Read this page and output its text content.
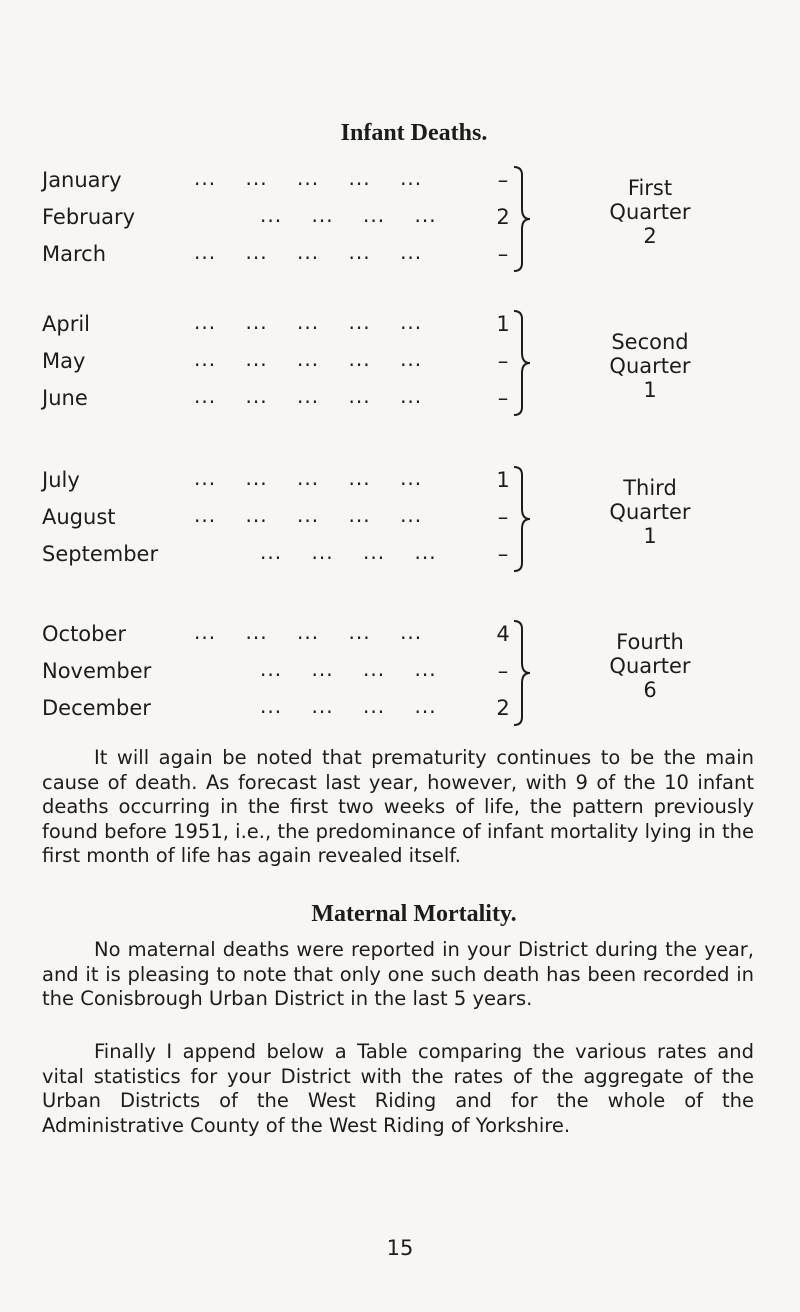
Infant Deaths.
January	... ... ... ... ...	–
February	... ... ... ...	2
March	... ... ... ... ...	–
First
Quarter
2
April	... ... ... ... ...	1
May	... ... ... ... ...	–
June	... ... ... ... ...	–
Second
Quarter
1
July	... ... ... ... ...	1
August	... ... ... ... ...	–
September	... ... ... ...	–
Third
Quarter
1
October	... ... ... ... ...	4
November	... ... ... ...	–
December	... ... ... ...	2
Fourth
Quarter
6

It will again be noted that prematurity continues to be the main cause of death. As forecast last year, however, with 9 of the 10 infant deaths occurring in the first two weeks of life, the pattern previously found before 1951, i.e., the predominance of infant mortality lying in the first month of life has again revealed itself.

Maternal Mortality.

No maternal deaths were reported in your District during the year, and it is pleasing to note that only one such death has been recorded in the Conisbrough Urban District in the last 5 years.

15

Finally I append below a Table comparing the various rates and vital statistics for your District with the rates of the aggregate of the Urban Districts of the West Riding and for the whole of the Administrative County of the West Riding of Yorkshire.
